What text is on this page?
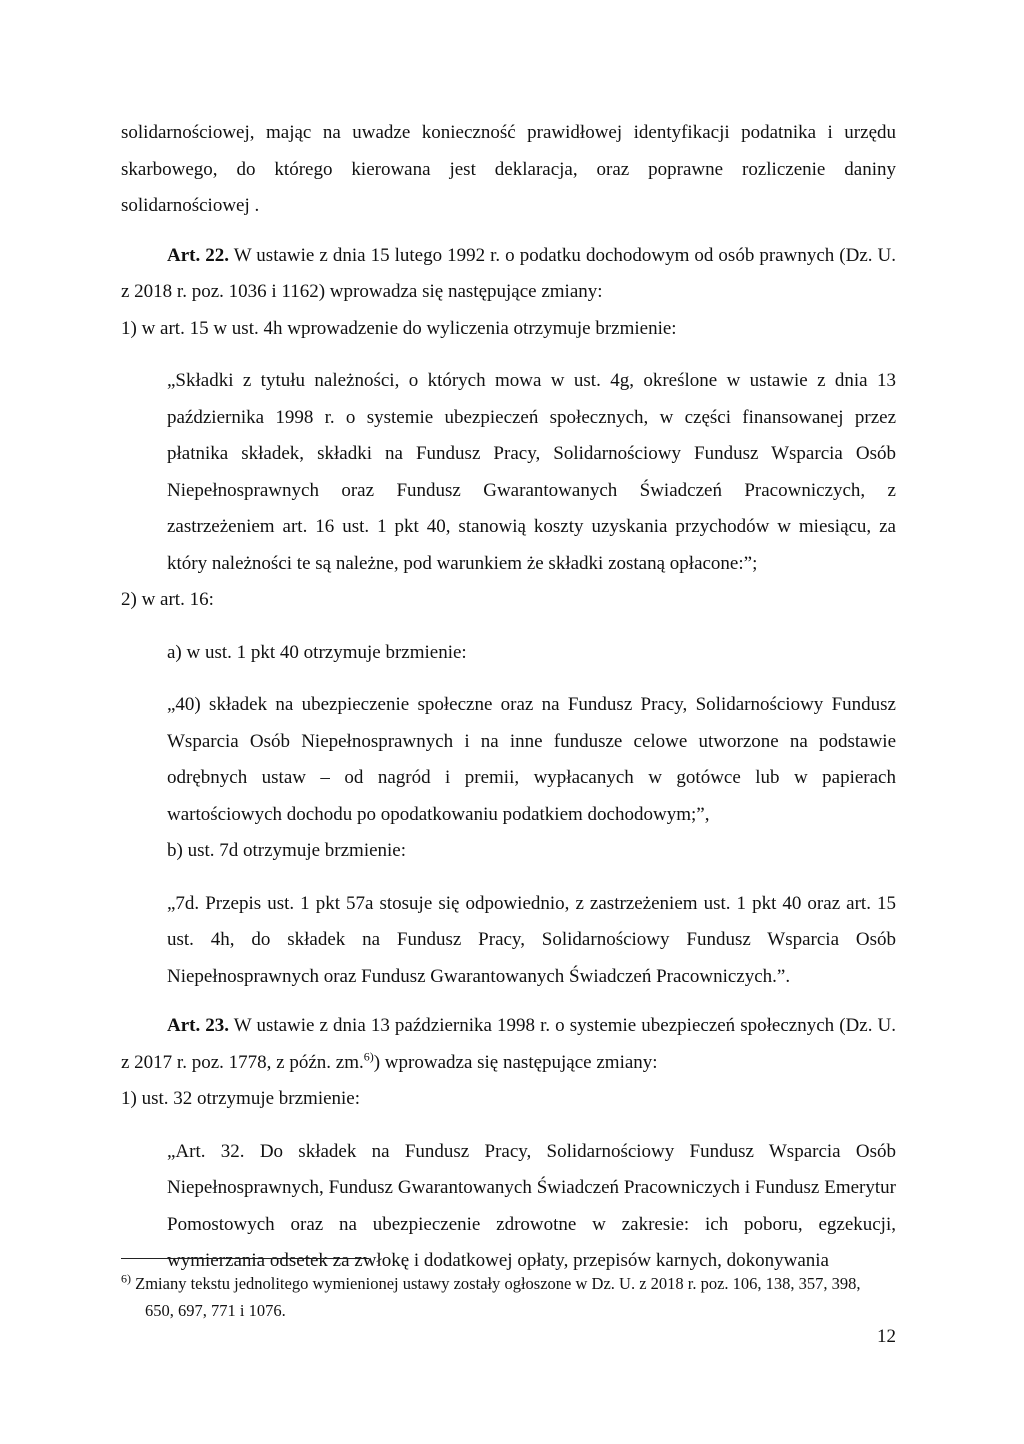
solidarnościowej, mając na uwadze konieczność prawidłowej identyfikacji podatnika i urzędu skarbowego, do którego kierowana jest deklaracja, oraz poprawne rozliczenie daniny solidarnościowej .

Art. 22. W ustawie z dnia 15 lutego 1992 r. o podatku dochodowym od osób prawnych (Dz. U. z 2018 r. poz. 1036 i 1162) wprowadza się następujące zmiany:

1) w art. 15 w ust. 4h wprowadzenie do wyliczenia otrzymuje brzmienie:

„Składki z tytułu należności, o których mowa w ust. 4g, określone w ustawie z dnia 13 października 1998 r. o systemie ubezpieczeń społecznych, w części finansowanej przez płatnika składek, składki na Fundusz Pracy, Solidarnościowy Fundusz Wsparcia Osób Niepełnosprawnych oraz Fundusz Gwarantowanych Świadczeń Pracowniczych, z zastrzeżeniem art. 16 ust. 1 pkt 40, stanowią koszty uzyskania przychodów w miesiącu, za który należności te są należne, pod warunkiem że składki zostaną opłacone:”;

2) w art. 16:

a) w ust. 1 pkt 40 otrzymuje brzmienie:

„40) składek na ubezpieczenie społeczne oraz na Fundusz Pracy, Solidarnościowy Fundusz Wsparcia Osób Niepełnosprawnych i na inne fundusze celowe utworzone na podstawie odrębnych ustaw – od nagród i premii, wypłacanych w gotówce lub w papierach wartościowych dochodu po opodatkowaniu podatkiem dochodowym;”,

b) ust. 7d otrzymuje brzmienie:

„7d. Przepis ust. 1 pkt 57a stosuje się odpowiednio, z zastrzeżeniem ust. 1 pkt 40 oraz art. 15 ust. 4h, do składek na Fundusz Pracy, Solidarnościowy Fundusz Wsparcia Osób Niepełnosprawnych oraz Fundusz Gwarantowanych Świadczeń Pracowniczych.”.

Art. 23. W ustawie z dnia 13 października 1998 r. o systemie ubezpieczeń społecznych (Dz. U. z 2017 r. poz. 1778, z późn. zm.$^{6)}$) wprowadza się następujące zmiany:

1) ust. 32 otrzymuje brzmienie:

„Art. 32. Do składek na Fundusz Pracy, Solidarnościowy Fundusz Wsparcia Osób Niepełnosprawnych, Fundusz Gwarantowanych Świadczeń Pracowniczych i Fundusz Emerytur Pomostowych oraz na ubezpieczenie zdrowotne w zakresie: ich poboru, egzekucji, wymierzania odsetek za zwłokę i dodatkowej opłaty, przepisów karnych, dokonywania

$^{6)}$ Zmiany tekstu jednolitego wymienionej ustawy zostały ogłoszone w Dz. U. z 2018 r. poz. 106, 138, 357, 398,
650, 697, 771 i 1076.
12
